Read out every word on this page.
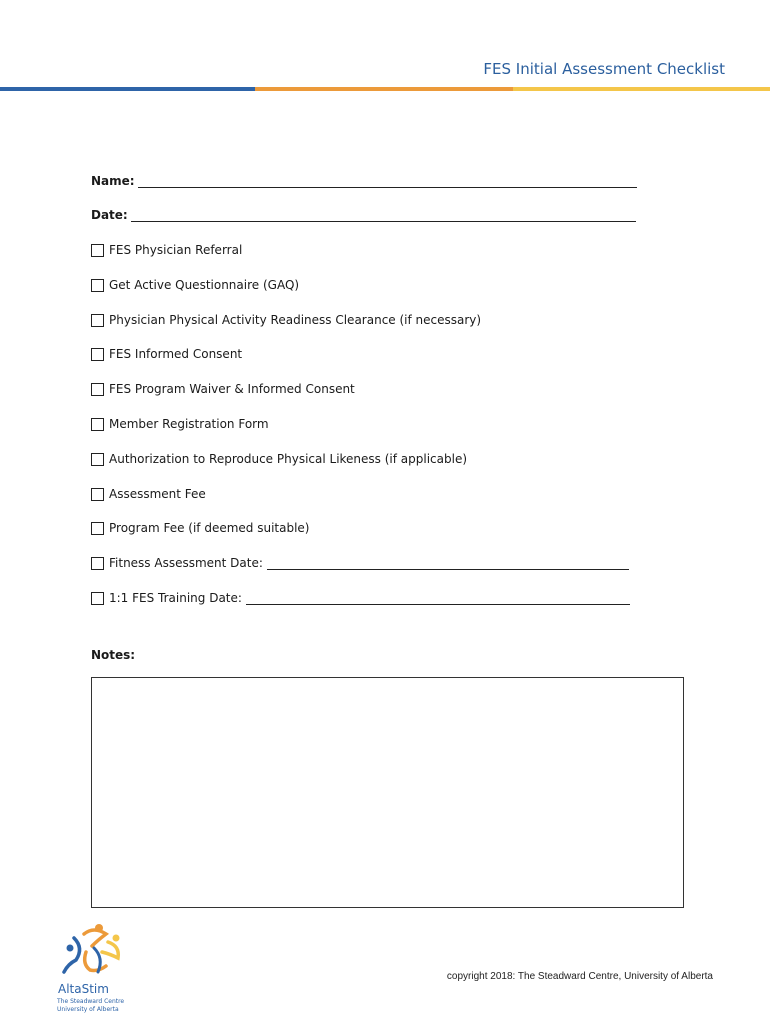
FES Initial Assessment Checklist
Name:
Date:
FES Physician Referral
Get Active Questionnaire (GAQ)
Physician Physical Activity Readiness Clearance (if necessary)
FES Informed Consent
FES Program Waiver & Informed Consent
Member Registration Form
Authorization to Reproduce Physical Likeness (if applicable)
Assessment Fee
Program Fee (if deemed suitable)
Fitness Assessment Date:
1:1 FES Training Date:
Notes:
AltaStim
The Steadward Centre
University of Alberta
copyright 2018: The Steadward Centre, University of Alberta
